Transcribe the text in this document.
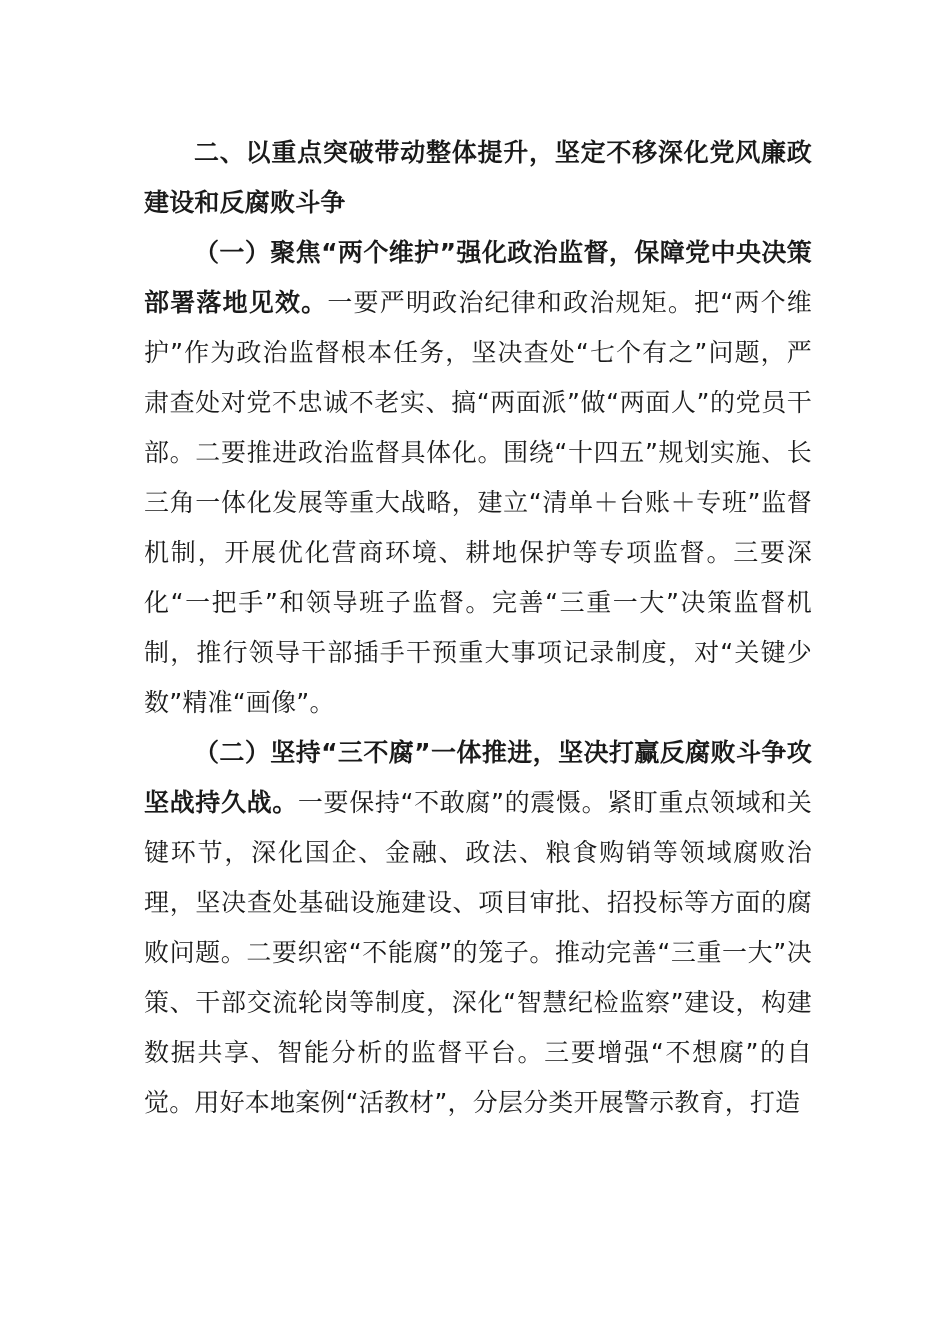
二、以重点突破带动整体提升，坚定不移深化党风廉政建设和反腐败斗争

（一）聚焦“两个维护”强化政治监督，保障党中央决策部署落地见效。一要严明政治纪律和政治规矩。把“两个维护”作为政治监督根本任务，坚决查处“七个有之”问题，严肃查处对党不忠诚不老实、搞“两面派”做“两面人”的党员干部。二要推进政治监督具体化。围绕“十四五”规划实施、长三角一体化发展等重大战略，建立“清单＋台账＋专班”监督机制，开展优化营商环境、耕地保护等专项监督。三要深化“一把手”和领导班子监督。完善“三重一大”决策监督机制，推行领导干部插手干预重大事项记录制度，对“关键少数”精准“画像”。

（二）坚持“三不腐”一体推进，坚决打赢反腐败斗争攻坚战持久战。一要保持“不敢腐”的震慑。紧盯重点领域和关键环节，深化国企、金融、政法、粮食购销等领域腐败治理，坚决查处基础设施建设、项目审批、招投标等方面的腐败问题。二要织密“不能腐”的笼子。推动完善“三重一大”决策、干部交流轮岗等制度，深化“智慧纪检监察”建设，构建数据共享、智能分析的监督平台。三要增强“不想腐”的自觉。用好本地案例“活教材”，分层分类开展警示教育，打造
